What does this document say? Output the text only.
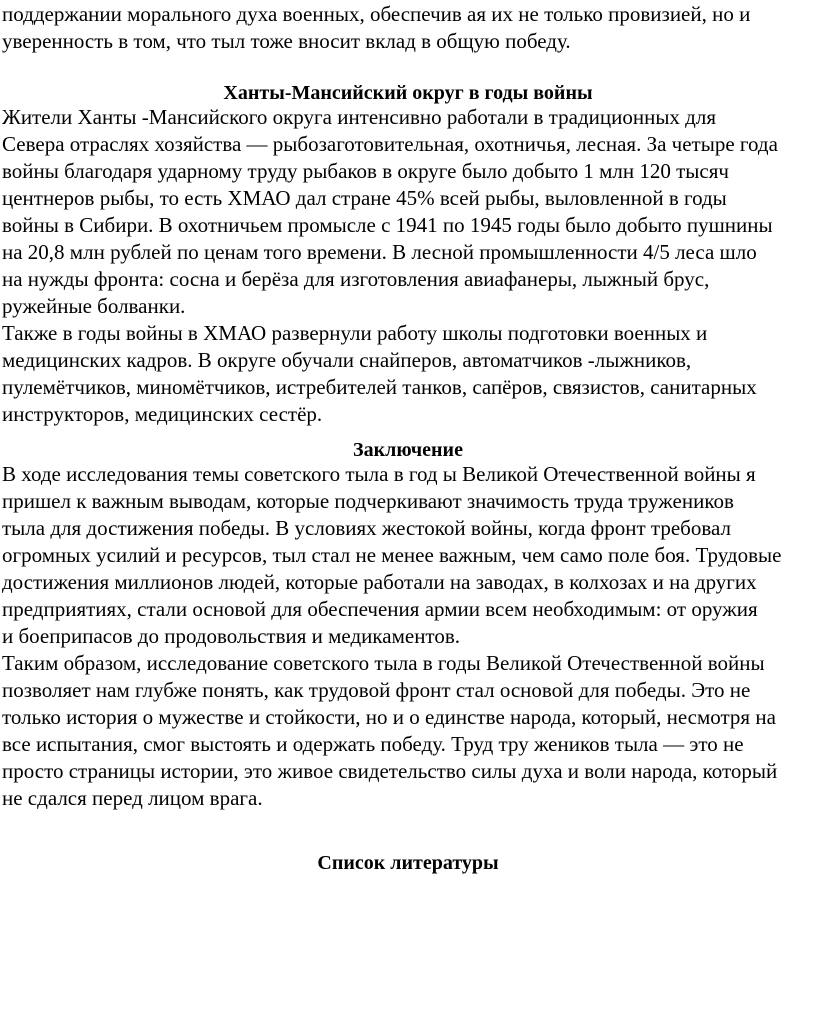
поддержании морального духа военных, обеспечив ая их не только провизией, но и
уверенность в том, что тыл тоже вносит вклад в общую победу.
Ханты-Мансийский округ в годы войны
Жители Ханты -Мансийского округа интенсивно работали в традиционных для
Севера отраслях хозяйства — рыбозаготовительная, охотничья, лесная. За четыре года
войны благодаря ударному труду рыбаков в округе было добыто 1 млн 120 тысяч
центнеров рыбы, то есть ХМАО дал стране 45% всей рыбы, выловленной в годы
войны в Сибири. В охотничьем промысле с 1941 по 1945 годы было добыто пушнины
на 20,8 млн рублей по ценам того времени. В лесной промышленности 4/5 леса шло
на нужды фронта: сосна и берёза для изготовления авиафанеры, лыжный брус,
ружейные болванки.
Также в годы войны в ХМАО развернули работу школы подготовки военных и
медицинских кадров. В округе обучали снайперов, автоматчиков -лыжников,
пулемётчиков, миномётчиков, истребителей танков, сапёров, связистов, санитарных
инструкторов, медицинских сестёр.
Заключение
В ходе исследования темы советского тыла в год ы Великой Отечественной войны я
пришел к важным выводам, которые подчеркивают значимость труда тружеников
тыла для достижения победы. В условиях жестокой войны, когда фронт требовал
огромных усилий и ресурсов, тыл стал не менее важным, чем само поле боя. Трудовые
достижения миллионов людей, которые работали на заводах, в колхозах и на других
предприятиях, стали основой для обеспечения армии всем необходимым: от оружия
и боеприпасов до продовольствия и медикаментов.
Таким образом, исследование советского тыла в годы Великой Отечественной войны
позволяет нам глубже понять, как трудовой фронт стал основой для победы. Это не
только история о мужестве и стойкости, но и о единстве народа, который, несмотря на
все испытания, смог выстоять и одержать победу. Труд тру жеников тыла — это не
просто страницы истории, это живое свидетельство силы духа и воли народа, который
не сдался перед лицом врага.
Список литературы
